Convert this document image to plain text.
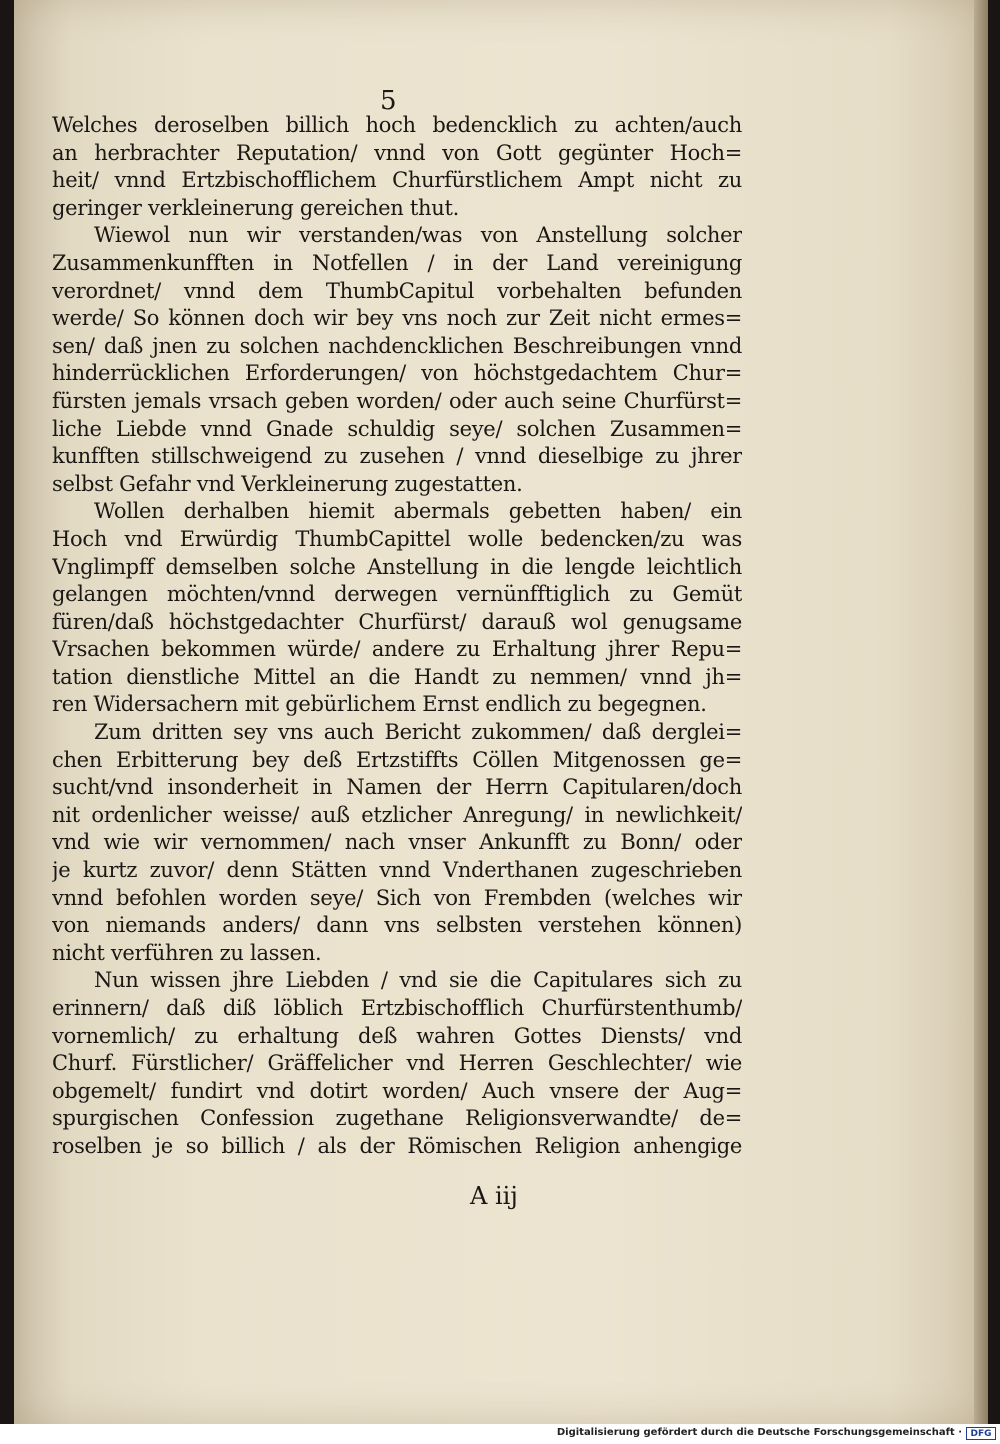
5
Welches deroselben billich hoch bedencklich zu achten/auch
an herbrachter Reputation/ vnnd von Gott gegünter Hoch=
heit/ vnnd Ertzbischofflichem Churfürstlichem Ampt nicht zu
geringer verkleinerung gereichen thut.
Wiewol nun wir verstanden/was von Anstellung solcher
Zusammenkunfften in Notfellen / in der Land vereinigung
verordnet/ vnnd dem ThumbCapitul vorbehalten befunden
werde/ So können doch wir bey vns noch zur Zeit nicht ermes=
sen/ daß jnen zu solchen nachdencklichen Beschreibungen vnnd
hinderrücklichen Erforderungen/ von höchstgedachtem Chur=
fürsten jemals vrsach geben worden/ oder auch seine Churfürst=
liche Liebde vnnd Gnade schuldig seye/ solchen Zusammen=
kunfften stillschweigend zu zusehen / vnnd dieselbige zu jhrer
selbst Gefahr vnd Verkleinerung zugestatten.
Wollen derhalben hiemit abermals gebetten haben/ ein
Hoch vnd Erwürdig ThumbCapittel wolle bedencken/zu was
Vnglimpff demselben solche Anstellung in die lengde leichtlich
gelangen möchten/vnnd derwegen vernünfftiglich zu Gemüt
füren/daß höchstgedachter Churfürst/ darauß wol genugsame
Vrsachen bekommen würde/ andere zu Erhaltung jhrer Repu=
tation dienstliche Mittel an die Handt zu nemmen/ vnnd jh=
ren Widersachern mit gebürlichem Ernst endlich zu begegnen.
Zum dritten sey vns auch Bericht zukommen/ daß derglei=
chen Erbitterung bey deß Ertzstiffts Cöllen Mitgenossen ge=
sucht/vnd insonderheit in Namen der Herrn Capitularen/doch
nit ordenlicher weisse/ auß etzlicher Anregung/ in newlichkeit/
vnd wie wir vernommen/ nach vnser Ankunfft zu Bonn/ oder
je kurtz zuvor/ denn Stätten vnnd Vnderthanen zugeschrieben
vnnd befohlen worden seye/ Sich von Frembden (welches wir
von niemands anders/ dann vns selbsten verstehen können)
nicht verführen zu lassen.
Nun wissen jhre Liebden / vnd sie die Capitulares sich zu
erinnern/ daß diß löblich Ertzbischofflich Churfürstenthumb/
vornemlich/ zu erhaltung deß wahren Gottes Diensts/ vnd
Churf. Fürstlicher/ Gräffelicher vnd Herren Geschlechter/ wie
obgemelt/ fundirt vnd dotirt worden/ Auch vnsere der Aug=
spurgischen Confession zugethane Religionsverwandte/ de=
roselben je so billich / als der Römischen Religion anhengige
A iij
Digitalisierung gefördert durch die Deutsche Forschungsgemeinschaft · DFG
